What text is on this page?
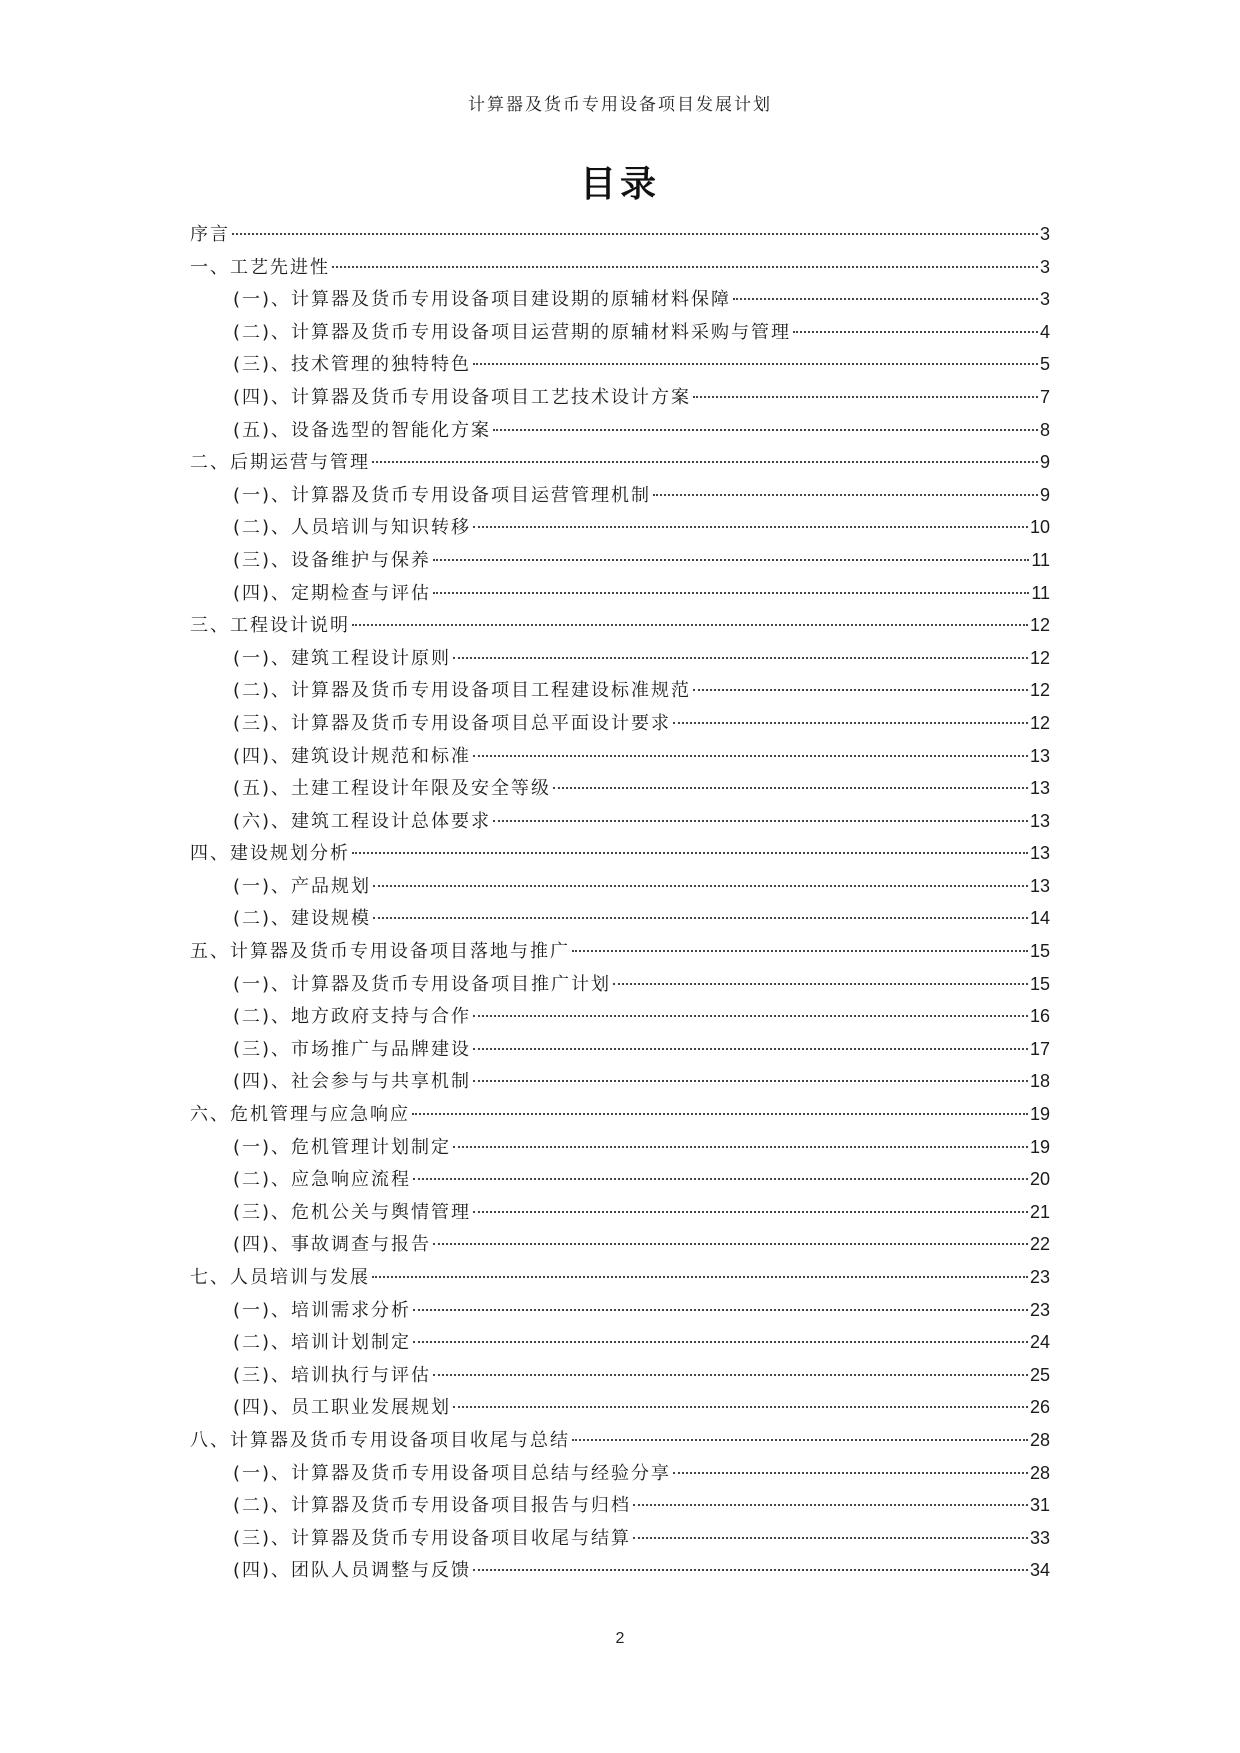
计算器及货币专用设备项目发展计划
目录
序言	3
一、工艺先进性	3
(一)、计算器及货币专用设备项目建设期的原辅材料保障	3
(二)、计算器及货币专用设备项目运营期的原辅材料采购与管理	4
(三)、技术管理的独特特色	5
(四)、计算器及货币专用设备项目工艺技术设计方案	7
(五)、设备选型的智能化方案	8
二、后期运营与管理	9
(一)、计算器及货币专用设备项目运营管理机制	9
(二)、人员培训与知识转移	10
(三)、设备维护与保养	11
(四)、定期检查与评估	11
三、工程设计说明	12
(一)、建筑工程设计原则	12
(二)、计算器及货币专用设备项目工程建设标准规范	12
(三)、计算器及货币专用设备项目总平面设计要求	12
(四)、建筑设计规范和标准	13
(五)、土建工程设计年限及安全等级	13
(六)、建筑工程设计总体要求	13
四、建设规划分析	13
(一)、产品规划	13
(二)、建设规模	14
五、计算器及货币专用设备项目落地与推广	15
(一)、计算器及货币专用设备项目推广计划	15
(二)、地方政府支持与合作	16
(三)、市场推广与品牌建设	17
(四)、社会参与与共享机制	18
六、危机管理与应急响应	19
(一)、危机管理计划制定	19
(二)、应急响应流程	20
(三)、危机公关与舆情管理	21
(四)、事故调查与报告	22
七、人员培训与发展	23
(一)、培训需求分析	23
(二)、培训计划制定	24
(三)、培训执行与评估	25
(四)、员工职业发展规划	26
八、计算器及货币专用设备项目收尾与总结	28
(一)、计算器及货币专用设备项目总结与经验分享	28
(二)、计算器及货币专用设备项目报告与归档	31
(三)、计算器及货币专用设备项目收尾与结算	33
(四)、团队人员调整与反馈	34
2
